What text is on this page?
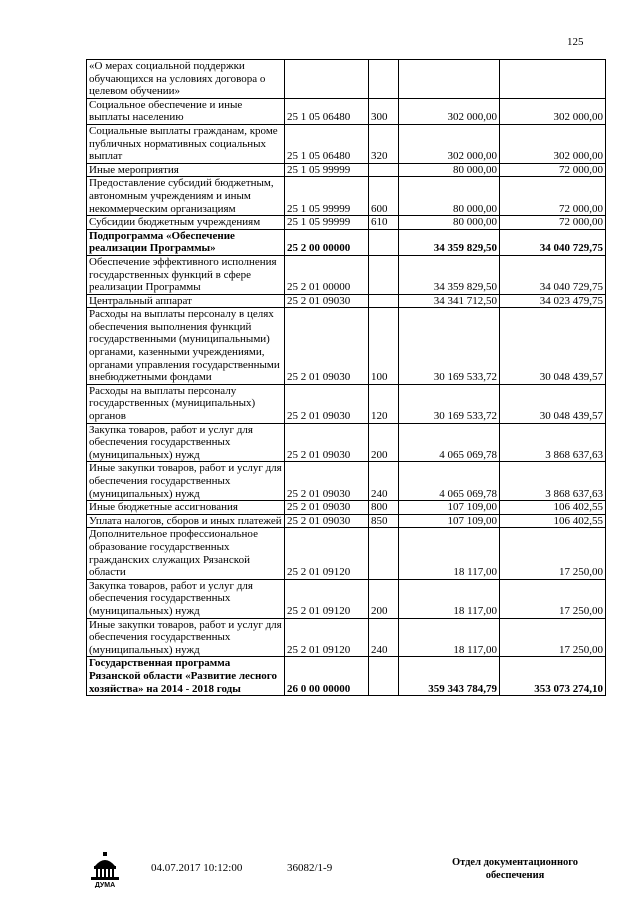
125
«О мерах социальной поддержки обучающихся на условиях договора о целевом обучении»				
Социальное обеспечение и иные выплаты населению	25 1 05 06480	300	302 000,00	302 000,00
Социальные выплаты гражданам, кроме публичных нормативных социальных выплат	25 1 05 06480	320	302 000,00	302 000,00
Иные мероприятия	25 1 05 99999		80 000,00	72 000,00
Предоставление субсидий бюджетным, автономным учреждениям и иным некоммерческим организациям	25 1 05 99999	600	80 000,00	72 000,00
Субсидии бюджетным учреждениям	25 1 05 99999	610	80 000,00	72 000,00
Подпрограмма «Обеспечение реализации Программы»	25 2 00 00000		34 359 829,50	34 040 729,75
Обеспечение эффективного исполнения государственных функций в сфере реализации Программы	25 2 01 00000		34 359 829,50	34 040 729,75
Центральный аппарат	25 2 01 09030		34 341 712,50	34 023 479,75
Расходы на выплаты персоналу в целях обеспечения выполнения функций государственными (муниципальными) органами, казенными учреждениями, органами управления государственными внебюджетными фондами	25 2 01 09030	100	30 169 533,72	30 048 439,57
Расходы на выплаты персоналу государственных (муниципальных) органов	25 2 01 09030	120	30 169 533,72	30 048 439,57
Закупка товаров, работ и услуг для обеспечения государственных (муниципальных) нужд	25 2 01 09030	200	4 065 069,78	3 868 637,63
Иные закупки товаров, работ и услуг для обеспечения государственных (муниципальных) нужд	25 2 01 09030	240	4 065 069,78	3 868 637,63
Иные бюджетные ассигнования	25 2 01 09030	800	107 109,00	106 402,55
Уплата налогов, сборов и иных платежей	25 2 01 09030	850	107 109,00	106 402,55
Дополнительное профессиональное образование государственных гражданских служащих Рязанской области	25 2 01 09120		18 117,00	17 250,00
Закупка товаров, работ и услуг для обеспечения государственных (муниципальных) нужд	25 2 01 09120	200	18 117,00	17 250,00
Иные закупки товаров, работ и услуг для обеспечения государственных (муниципальных) нужд	25 2 01 09120	240	18 117,00	17 250,00
Государственная программа Рязанской области «Развитие лесного хозяйства» на 2014 - 2018 годы	26 0 00 00000		359 343 784,79	353 073 274,10
ДУМА
04.07.2017 10:12:00	36082/1-9	Отдел документационного обеспечения
